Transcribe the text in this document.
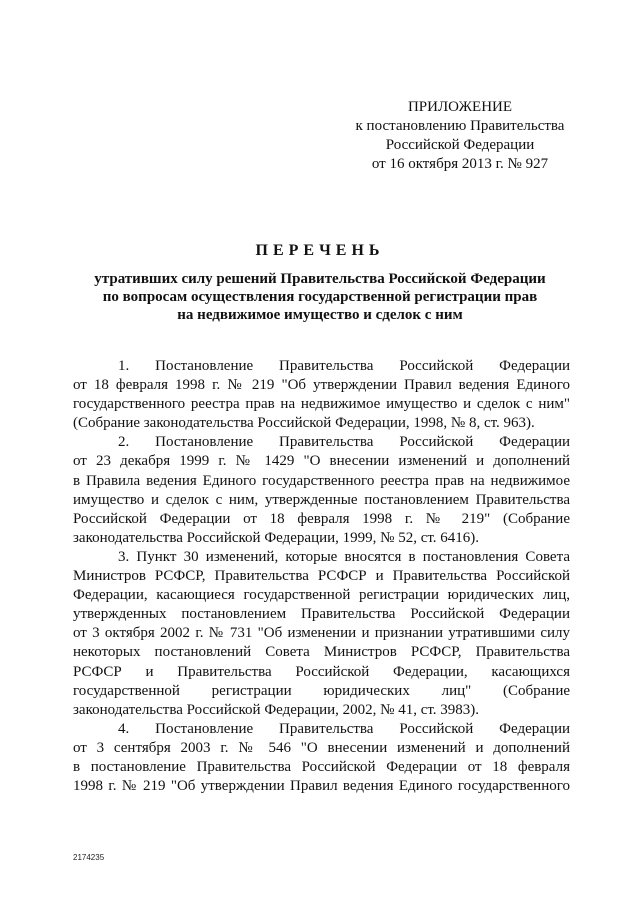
ПРИЛОЖЕНИЕ
к постановлению Правительства
Российской Федерации
от 16 октября 2013 г. № 927
ПЕРЕЧЕНЬ
утративших силу решений Правительства Российской Федерации
по вопросам осуществления государственной регистрации прав
на недвижимое имущество и сделок с ним
1. Постановление Правительства Российской Федерации
от 18 февраля 1998 г. № 219 "Об утверждении Правил ведения Единого
государственного реестра прав на недвижимое имущество и сделок с ним"
(Собрание законодательства Российской Федерации, 1998, № 8, ст. 963).
2. Постановление Правительства Российской Федерации
от 23 декабря 1999 г. № 1429 "О внесении изменений и дополнений
в Правила ведения Единого государственного реестра прав на недвижимое
имущество и сделок с ним, утвержденные постановлением Правительства
Российской Федерации от 18 февраля 1998 г. № 219" (Собрание
законодательства Российской Федерации, 1999, № 52, ст. 6416).
3. Пункт 30 изменений, которые вносятся в постановления Совета
Министров РСФСР, Правительства РСФСР и Правительства Российской
Федерации, касающиеся государственной регистрации юридических лиц,
утвержденных постановлением Правительства Российской Федерации
от 3 октября 2002 г. № 731 "Об изменении и признании утратившими силу
некоторых постановлений Совета Министров РСФСР, Правительства
РСФСР и Правительства Российской Федерации, касающихся
государственной регистрации юридических лиц" (Собрание
законодательства Российской Федерации, 2002, № 41, ст. 3983).
4. Постановление Правительства Российской Федерации
от 3 сентября 2003 г. № 546 "О внесении изменений и дополнений
в постановление Правительства Российской Федерации от 18 февраля
1998 г. № 219 "Об утверждении Правил ведения Единого государственного
2174235
